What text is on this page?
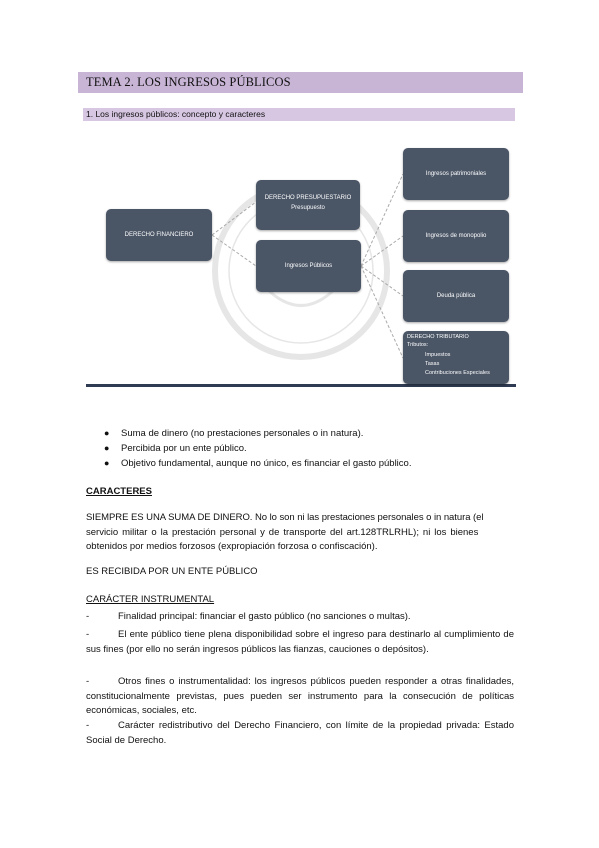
TEMA 2. LOS INGRESOS PÚBLICOS
1. Los ingresos públicos: concepto y caracteres
DERECHO FINANCIERO
DERECHO PRESUPUESTARIO
Presupuesto
Ingresos Públicos
Ingresos patrimoniales
Ingresos de monopolio
Deuda pública
DERECHO TRIBUTARIO
Tributos:
Impuestos
Tasas
Contribuciones Especiales
● Suma de dinero (no prestaciones personales o in natura).
● Percibida por un ente público.
● Objetivo fundamental, aunque no único, es financiar el gasto público.
CARACTERES
SIEMPRE ES UNA SUMA DE DINERO. No lo son ni las prestaciones personales o in natura (el
servicio militar o la prestación personal y de transporte del art.128TRLRHL); ni los bienes
obtenidos por medios forzosos (expropiación forzosa o confiscación).
ES RECIBIDA POR UN ENTE PÚBLICO
CARÁCTER INSTRUMENTAL
-	Finalidad principal: financiar el gasto público (no sanciones o multas).
-	El ente público tiene plena disponibilidad sobre el ingreso para destinarlo al cumplimiento de sus fines (por ello no serán ingresos públicos las fianzas, cauciones o depósitos).
-	Otros fines o instrumentalidad: los ingresos públicos pueden responder a otras finalidades, constitucionalmente previstas, pues pueden ser instrumento para la consecución de políticas económicas, sociales, etc.
-	Carácter redistributivo del Derecho Financiero, con límite de la propiedad privada: Estado Social de Derecho.
